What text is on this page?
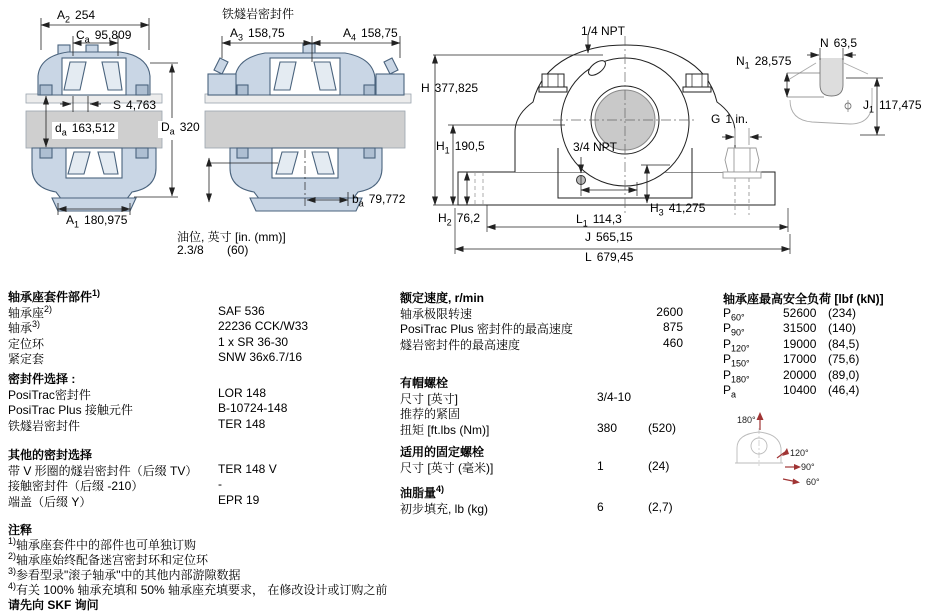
$A_2$ 254
$C_a$ 95,809
S 4,763
$d_a$ 163,512	$D_a$ 320
$A_1$ 180,975
铁燧岩密封件
$A_3$ 158,75	$A_4$ 158,75
$b_a$ 79,772
油位, 英寸 [in. (mm)]
2.3/8 (60)
1/4 NPT
H 377,825
$H_1$ 190,5	3/4 NPT
$H_2$ 76,2	$L_1$ 114,3
$H_3$ 41,275
J 565,15
L 679,45
G 1 in.
N 63,5
$N_1$ 28,575
$J_1$ 117,475
轴承座套件部件$^{1)}$
轴承座$^{2)}$	SAF 536
轴承$^{3)}$	22236 CCK/W33
定位环	1 x SR 36-30
紧定套	SNW 36x6.7/16
密封件选择 :
PosiTrac密封件	LOR 148
PosiTrac Plus 接触元件	B-10724-148
铁燧岩密封件	TER 148
其他的密封选择
带 V 形圈的燧岩密封件（后缀 TV） TER 148 V
接触密封件（后缀 -210）	-
端盖（后缀 Y）	EPR 19
注释
$^{1)}$轴承座套件中的部件也可单独订购
$^{2)}$轴承座始终配备迷宫密封环和定位环
$^{3)}$参看型录"滚子轴承"中的其他内部游隙数据
$^{4)}$有关 100% 轴承充填和 50% 轴承座充填要求， 在修改设计或订购之前
请先向 SKF 询问
额定速度, r/min
轴承极限转速	2600
PosiTrac Plus 密封件的最高速度	875
燧岩密封件的最高速度	460
有帽螺栓
尺寸 [英寸]	3/4-10
推荐的紧固
扭矩 [ft.lbs (Nm)]	380	(520)
适用的固定螺栓
尺寸 [英寸 (毫米)]	1	(24)
油脂量$^{4)}$
初步填充, lb (kg)	6	(2,7)
轴承座最高安全负荷 [lbf (kN)]
$P_{60^\circ}$	52600 (234)
$P_{90^\circ}$	31500 (140)
$P_{120^\circ}$	19000 (84,5)
$P_{150^\circ}$	17000 (75,6)
$P_{180^\circ}$	20000 (89,0)
$P_a$	10400 (46,4)
180°
120°
90°
60°
